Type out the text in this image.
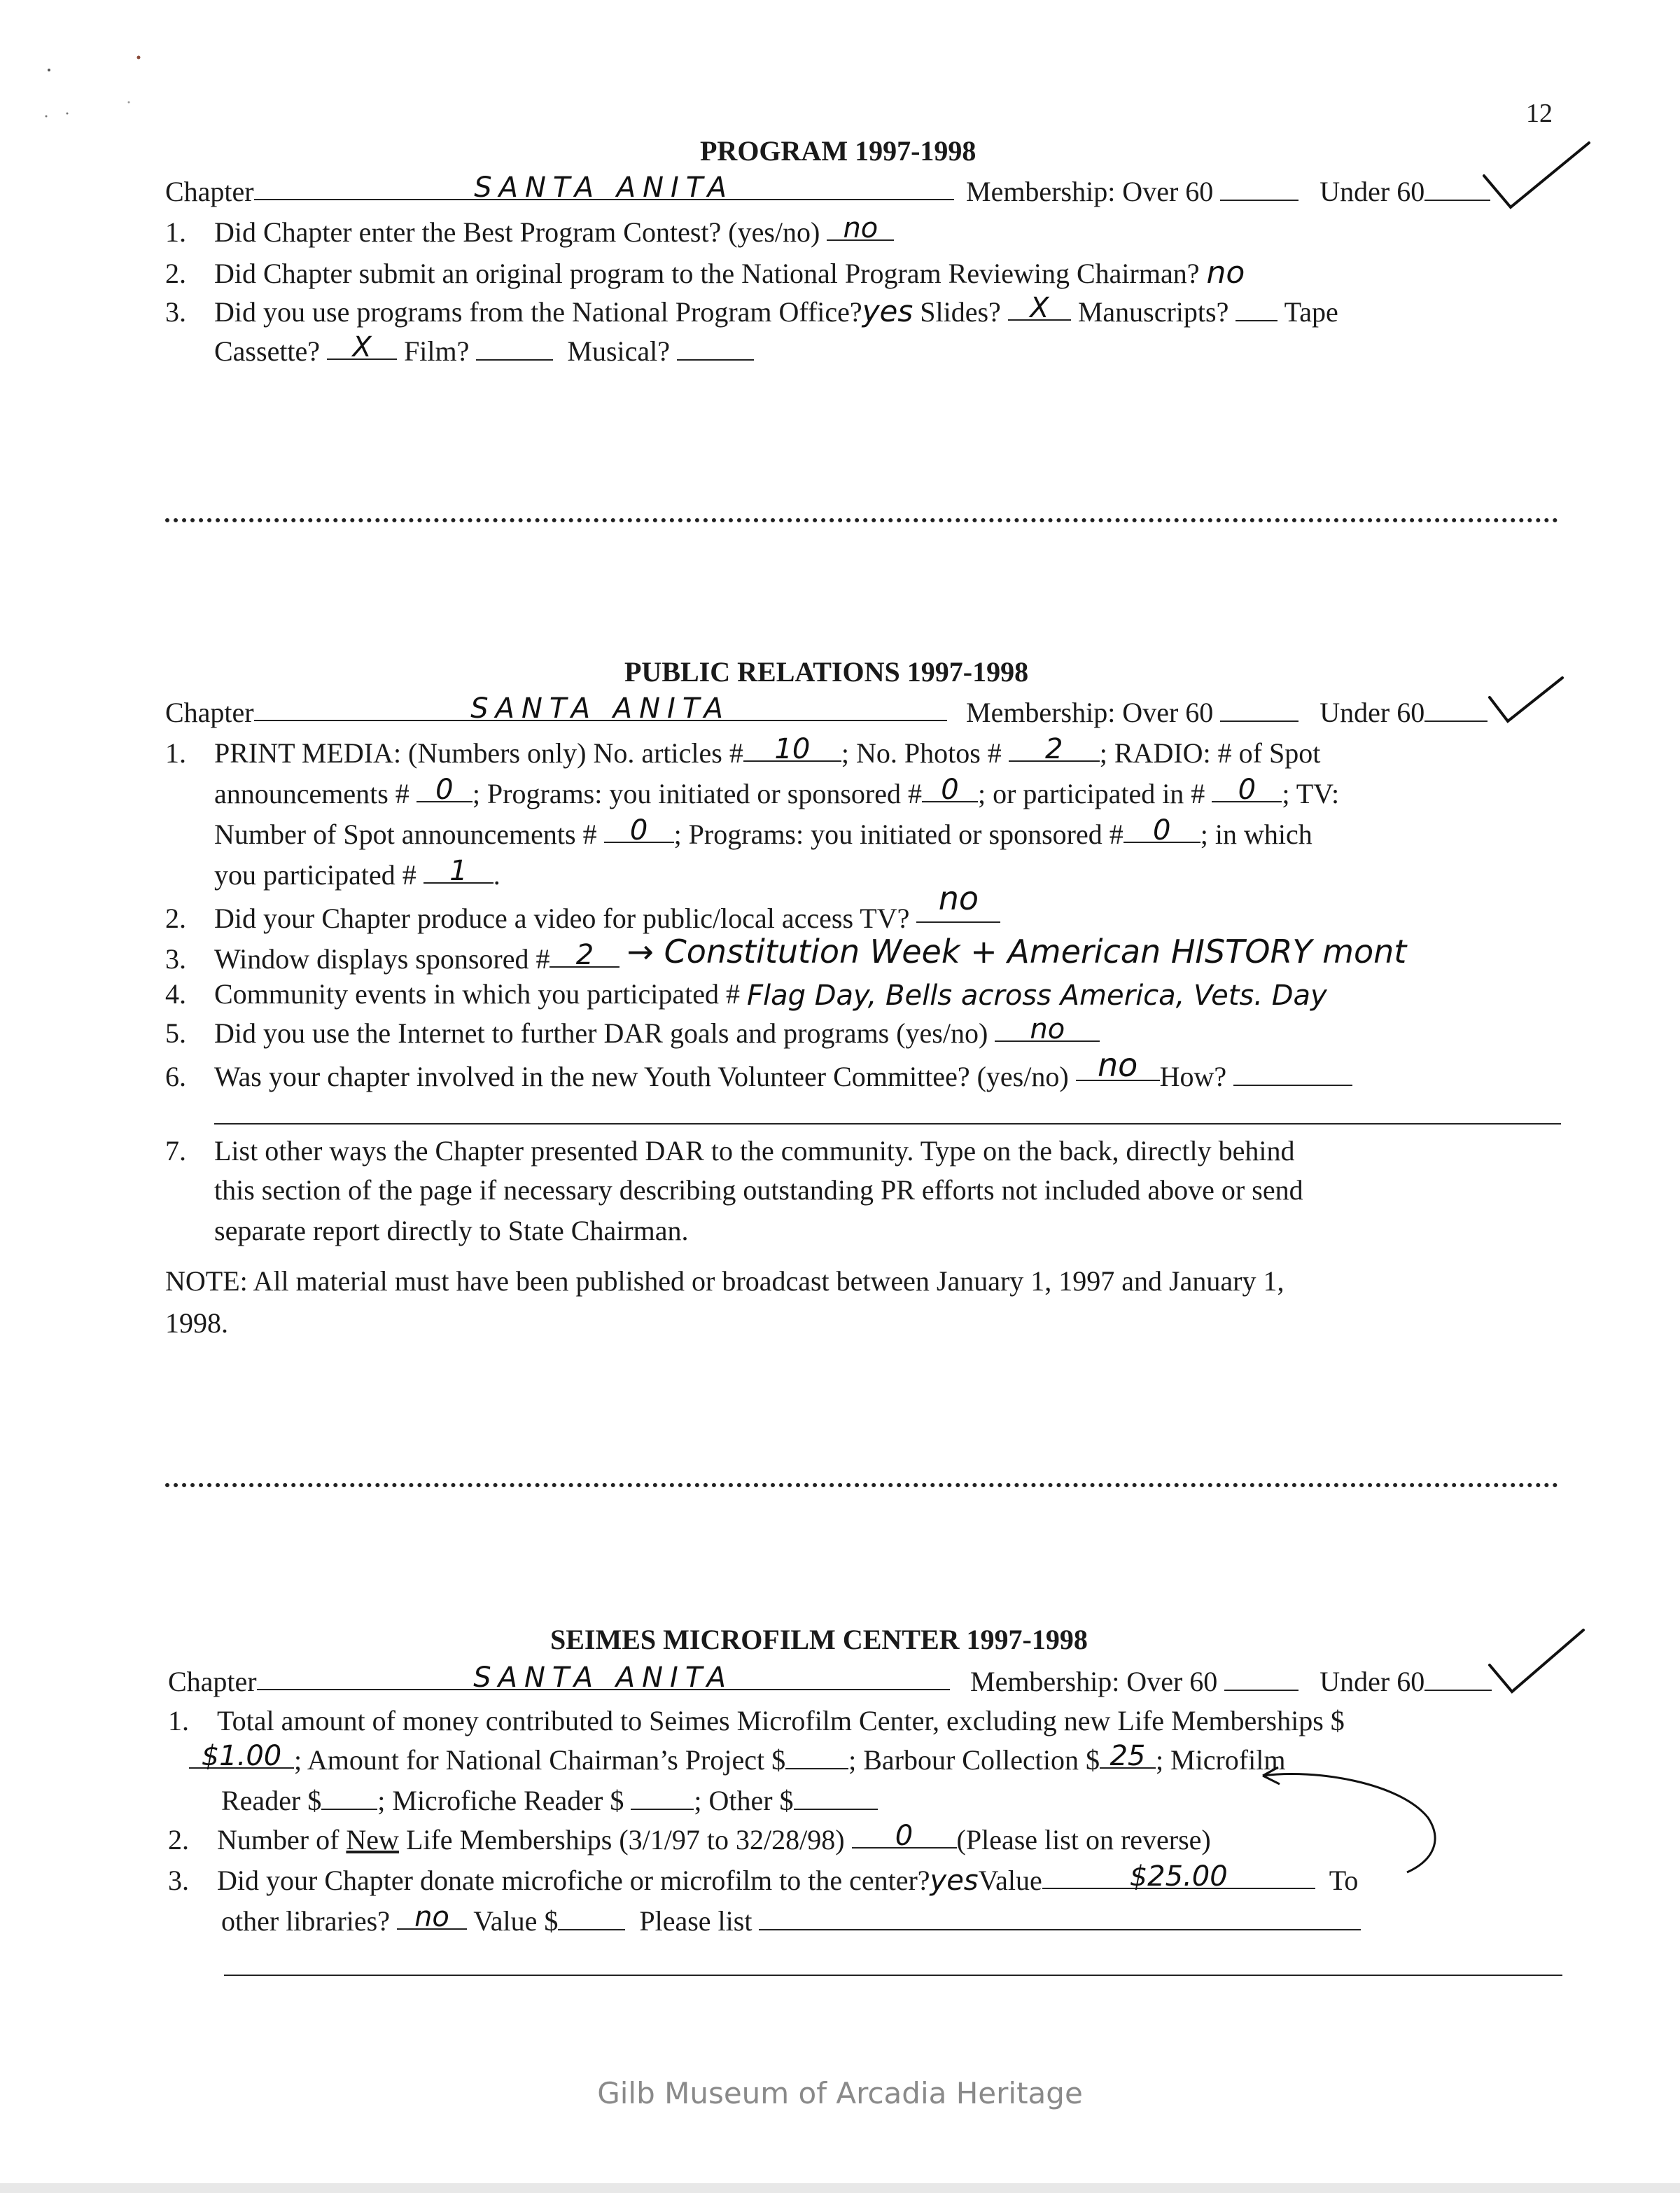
12
PROGRAM 1997-1998
Chapter	SANTA ANITA	Membership: Over 60	Under 60
1. Did Chapter enter the Best Program Contest? (yes/no) no
2. Did Chapter submit an original program to the National Program Reviewing Chairman? no
3. Did you use programs from the National Program Office?yes Slides? X Manuscripts? Tape
Cassette? X Film?	Musical?
PUBLIC RELATIONS 1997-1998
Chapter	SANTA ANITA	Membership: Over 60	Under 60
1. PRINT MEDIA: (Numbers only) No. articles # 10 ; No. Photos # 2 ; RADIO: # of Spot
announcements # 0 ; Programs: you initiated or sponsored # 0 ; or participated in # 0 ; TV:
Number of Spot announcements # 0 ; Programs: you initiated or sponsored # 0 ; in which
you participated # 1 .
2. Did your Chapter produce a video for public/local access TV? no
3. Window displays sponsored # 2 → Constitution Week + American HISTORY mont
4. Community events in which you participated # Flag Day, Bells across America, Vets. Day
5. Did you use the Internet to further DAR goals and programs (yes/no) no
6. Was your chapter involved in the new Youth Volunteer Committee? (yes/no) no How?
7. List other ways the Chapter presented DAR to the community. Type on the back, directly behind
this section of the page if necessary describing outstanding PR efforts not included above or send
separate report directly to State Chairman.
NOTE: All material must have been published or broadcast between January 1, 1997 and January 1,
1998.
SEIMES MICROFILM CENTER 1997-1998
Chapter	SANTA ANITA	Membership: Over 60	Under 60
1. Total amount of money contributed to Seimes Microfilm Center, excluding new Life Memberships $
$1.00 ; Amount for National Chairman’s Project $ ; Barbour Collection $ 25 ; Microfilm
Reader $ ; Microfiche Reader $	; Other $
2. Number of New Life Memberships (3/1/97 to 32/28/98) 0 (Please list on reverse)
3. Did your Chapter donate microfiche or microfilm to the center?yesValue	$25.00	To
other libraries? no Value $	Please list
Gilb Museum of Arcadia Heritage
